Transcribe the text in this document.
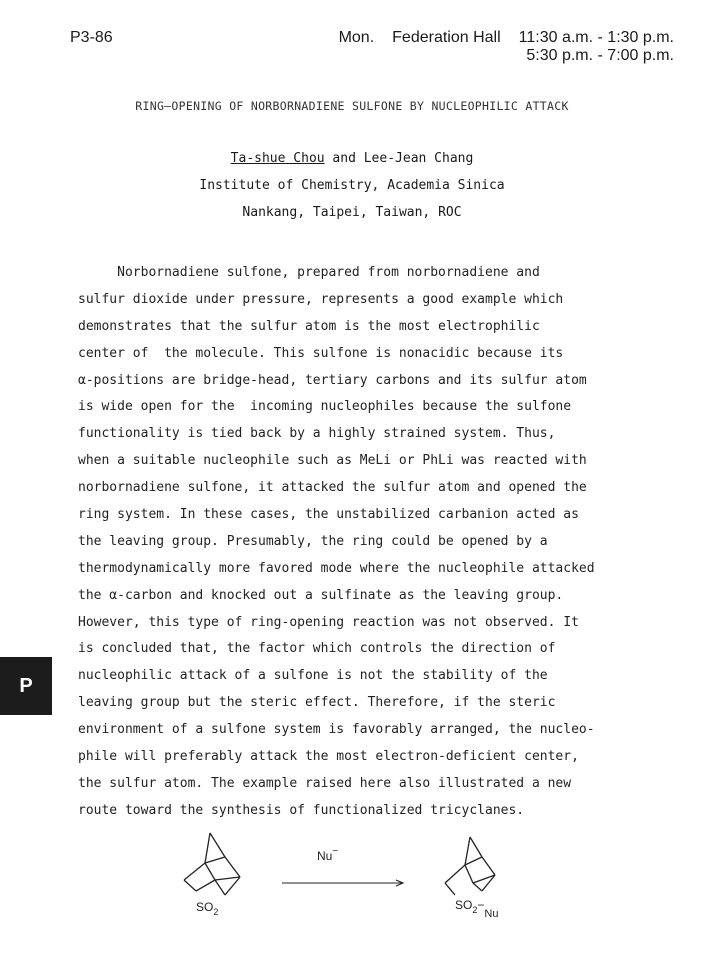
P3-86	Mon. Federation Hall 11:30 a.m. - 1:30 p.m.
5:30 p.m. - 7:00 p.m.
RING—OPENING OF NORBORNADIENE SULFONE BY NUCLEOPHILIC ATTACK
Ta-shue Chou and Lee-Jean Chang
Institute of Chemistry, Academia Sinica
Nankang, Taipei, Taiwan, ROC
Norbornadiene sulfone, prepared from norbornadiene and
sulfur dioxide under pressure, represents a good example which
demonstrates that the sulfur atom is the most electrophilic
center of  the molecule. This sulfone is nonacidic because its
α-positions are bridge-head, tertiary carbons and its sulfur atom
is wide open for the  incoming nucleophiles because the sulfone
functionality is tied back by a highly strained system. Thus,
when a suitable nucleophile such as MeLi or PhLi was reacted with
norbornadiene sulfone, it attacked the sulfur atom and opened the
ring system. In these cases, the unstabilized carbanion acted as
the leaving group. Presumably, the ring could be opened by a
thermodynamically more favored mode where the nucleophile attacked
the α-carbon and knocked out a sulfinate as the leaving group.
However, this type of ring-opening reaction was not observed. It
is concluded that, the factor which controls the direction of
nucleophilic attack of a sulfone is not the stability of the
leaving group but the steric effect. Therefore, if the steric
environment of a sulfone system is favorably arranged, the nucleo-
phile will preferably attack the most electron-deficient center,
the sulfur atom. The example raised here also illustrated a new
route toward the synthesis of functionalized tricyclanes.
P
$SO_2$
Nu−
$SO_2-Nu$
